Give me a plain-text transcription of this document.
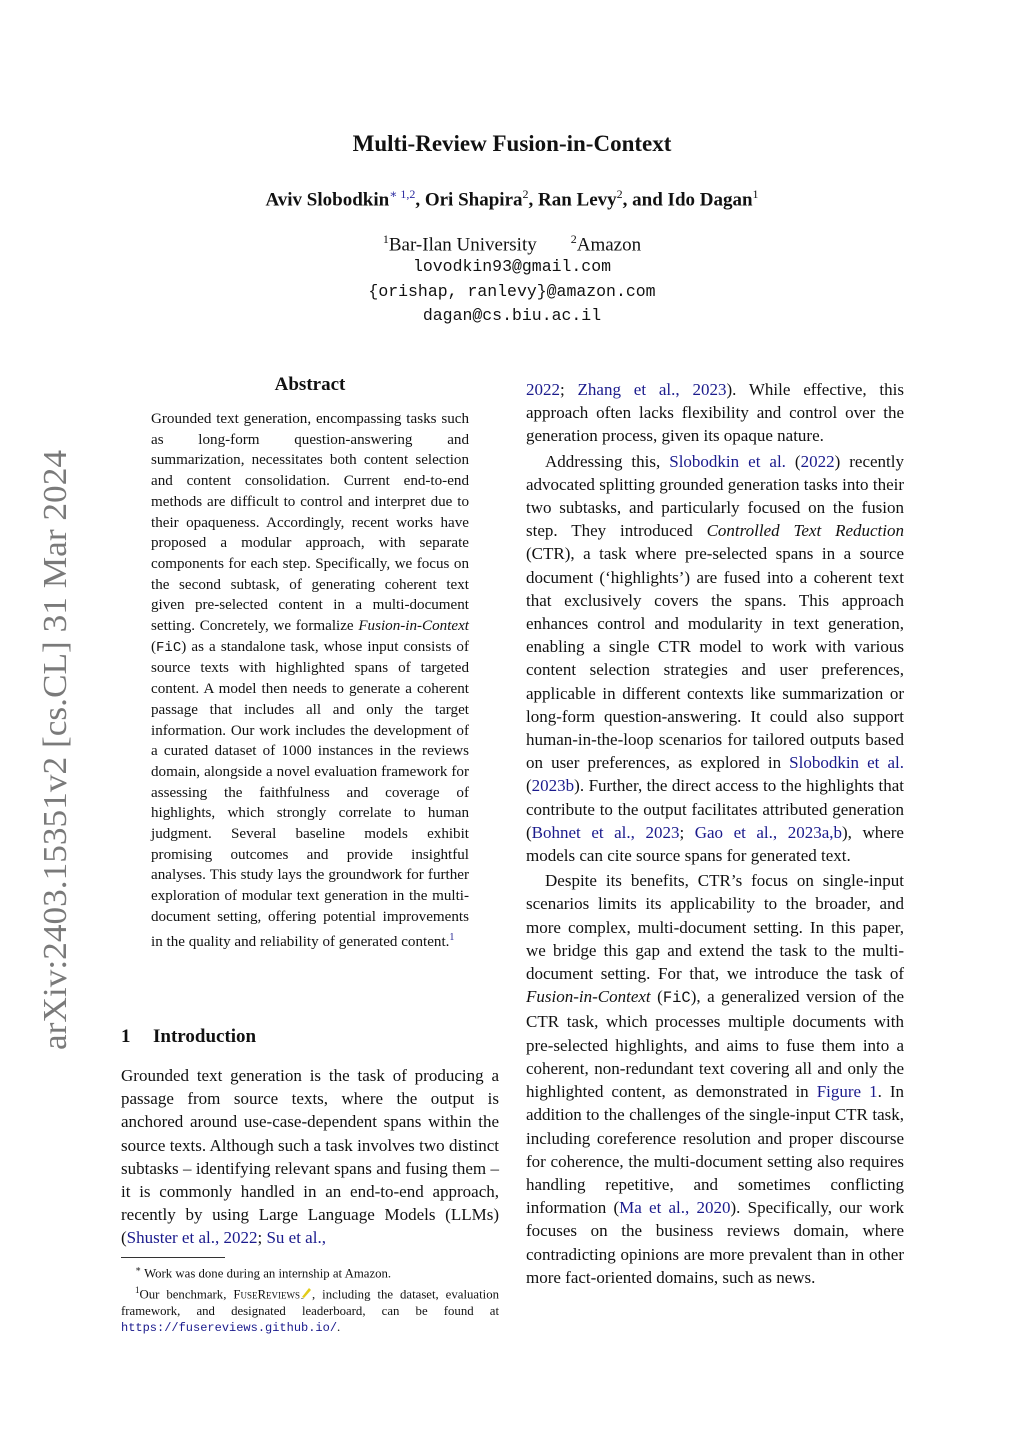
arXiv:2403.15351v2 [cs.CL] 31 Mar 2024
Multi-Review Fusion-in-Context
Aviv Slobodkin$^{∗ 1,2}$, Ori Shapira$^2$, Ran Levy$^2$, and Ido Dagan$^1$
$^1$Bar-Ilan University	$^2$Amazon
lovodkin93@gmail.com
{orishap, ranlevy}@amazon.com
dagan@cs.biu.ac.il
Abstract
Grounded text generation, encompassing tasks such as long-form question-answering and summarization, necessitates both content selection and content consolidation. Current end-to-end methods are difficult to control and interpret due to their opaqueness. Accordingly, recent works have proposed a modular approach, with separate components for each step. Specifically, we focus on the second subtask, of generating coherent text given pre-selected content in a multi-document setting. Concretely, we formalize Fusion-in-Context (FiC) as a standalone task, whose input consists of source texts with highlighted spans of targeted content. A model then needs to generate a coherent passage that includes all and only the target information. Our work includes the development of a curated dataset of 1000 instances in the reviews domain, alongside a novel evaluation framework for assessing the faithfulness and coverage of highlights, which strongly correlate to human judgment. Several baseline models exhibit promising outcomes and provide insightful analyses. This study lays the groundwork for further exploration of modular text generation in the multi-document setting, offering potential improvements in the quality and reliability of generated content.$^1$
1 Introduction

Grounded text generation is the task of producing a passage from source texts, where the output is anchored around use-case-dependent spans within the source texts. Although such a task involves two distinct subtasks – identifying relevant spans and fusing them – it is commonly handled in an end-to-end approach, recently by using Large Language Models (LLMs) (Shuster et al., 2022; Su et al.,

∗ Work was done during an internship at Amazon.

$^1$Our benchmark, FuseReviews , including the dataset, evaluation framework, and designated leaderboard, can be found at https://fusereviews.github.io/.

2022; Zhang et al., 2023). While effective, this approach often lacks flexibility and control over the generation process, given its opaque nature.

Addressing this, Slobodkin et al. (2022) recently advocated splitting grounded generation tasks into their two subtasks, and particularly focused on the fusion step. They introduced Controlled Text Reduction (CTR), a task where pre-selected spans in a source document (‘highlights’) are fused into a coherent text that exclusively covers the spans. This approach enhances control and modularity in text generation, enabling a single CTR model to work with various content selection strategies and user preferences, applicable in different contexts like summarization or long-form question-answering. It could also support human-in-the-loop scenarios for tailored outputs based on user preferences, as explored in Slobodkin et al. (2023b). Further, the direct access to the highlights that contribute to the output facilitates attributed generation (Bohnet et al., 2023; Gao et al., 2023a,b), where models can cite source spans for generated text.

Despite its benefits, CTR’s focus on single-input scenarios limits its applicability to the broader, and more complex, multi-document setting. In this paper, we bridge this gap and extend the task to the multi-document setting. For that, we introduce the task of Fusion-in-Context (FiC), a generalized version of the CTR task, which processes multiple documents with pre-selected highlights, and aims to fuse them into a coherent, non-redundant text covering all and only the highlighted content, as demonstrated in Figure 1. In addition to the challenges of the single-input CTR task, including coreference resolution and proper discourse for coherence, the multi-document setting also requires handling repetitive, and sometimes conflicting information (Ma et al., 2020). Specifically, our work focuses on the business reviews domain, where contradicting opinions are more prevalent than in other more fact-oriented domains, such as news.
